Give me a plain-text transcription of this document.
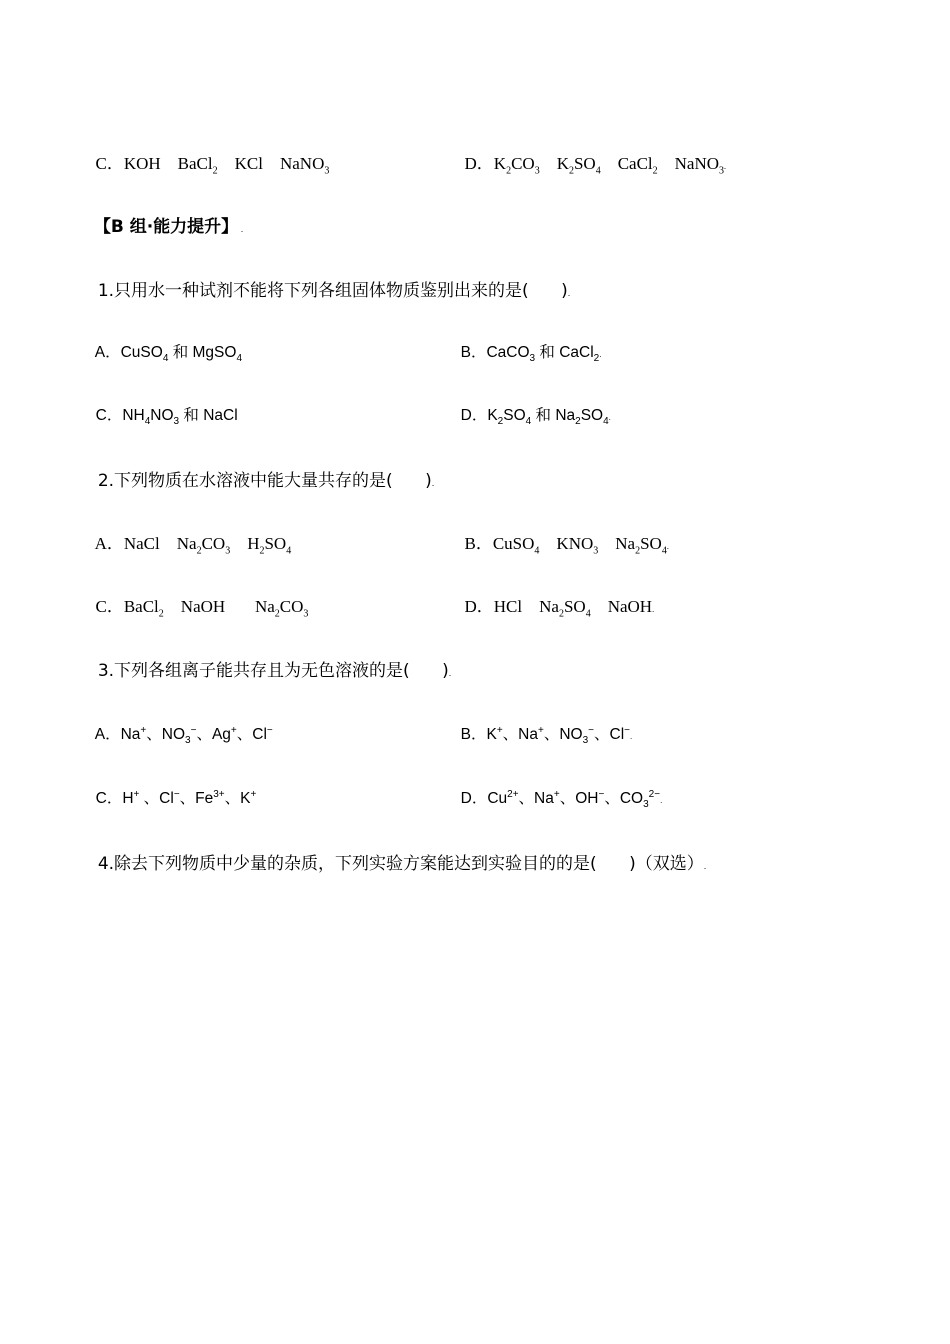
C．KOH BaCl$_2$ KCl NaNO$_3$	D．$K_2CO_3$ $K_2SO_4$ CaCl$_2$ NaNO$_3$.

【B 组·能力提升】 .

1.只用水一种试剂不能将下列各组固体物质鉴别出来的是( ).

A．CuSO$_4$ 和 MgSO$_4$	B．CaCO$_3$ 和 CaCl$_2$.

C．$NH_4NO_3$ 和 NaCl	D．$K_2SO_4$ 和 $Na_2SO_4$.

2.下列物质在水溶液中能大量共存的是( ).

A．NaCl $Na_2CO_3$ $H_2SO_4$	B．CuSO$_4$ $KNO_3$ $Na_2SO_4$.

C．BaCl$_2$ NaOH $Na_2CO_3$	D．HCl $Na_2SO_4$ NaOH.

3.下列各组离子能共存且为无色溶液的是( ).

A．Na+、$NO_3^-$、Ag+、Cl−	B．K+、Na+、$NO_3^-$、Cl−.

C．H+ 、Cl−、$Fe^{3+}$、K+	D．$Cu^{2+}$、Na+、OH−、$CO_3^{2-}$.

4.除去下列物质中少量的杂质，下列实验方案能达到实验目的的是( )（双选）.
